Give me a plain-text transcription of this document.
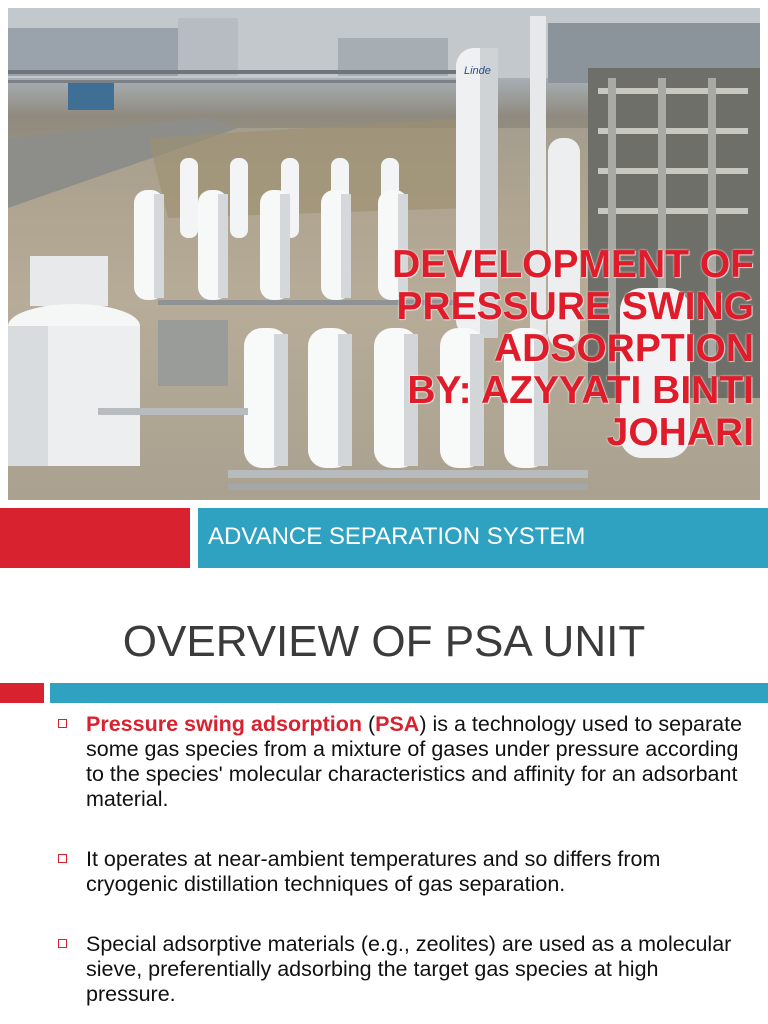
Linde
DEVELOPMENT OF
PRESSURE SWING
ADSORPTION
BY: AZYYATI BINTI
JOHARI
ADVANCE SEPARATION SYSTEM
OVERVIEW OF PSA UNIT
Pressure swing adsorption (PSA) is a technology used to separate some gas species from a mixture of gases under pressure according to the species' molecular characteristics and affinity for an adsorbant material.
It operates at near-ambient temperatures and so differs from cryogenic distillation techniques of gas separation.
Special adsorptive materials (e.g., zeolites) are used as a molecular sieve, preferentially adsorbing the target gas species at high pressure.
